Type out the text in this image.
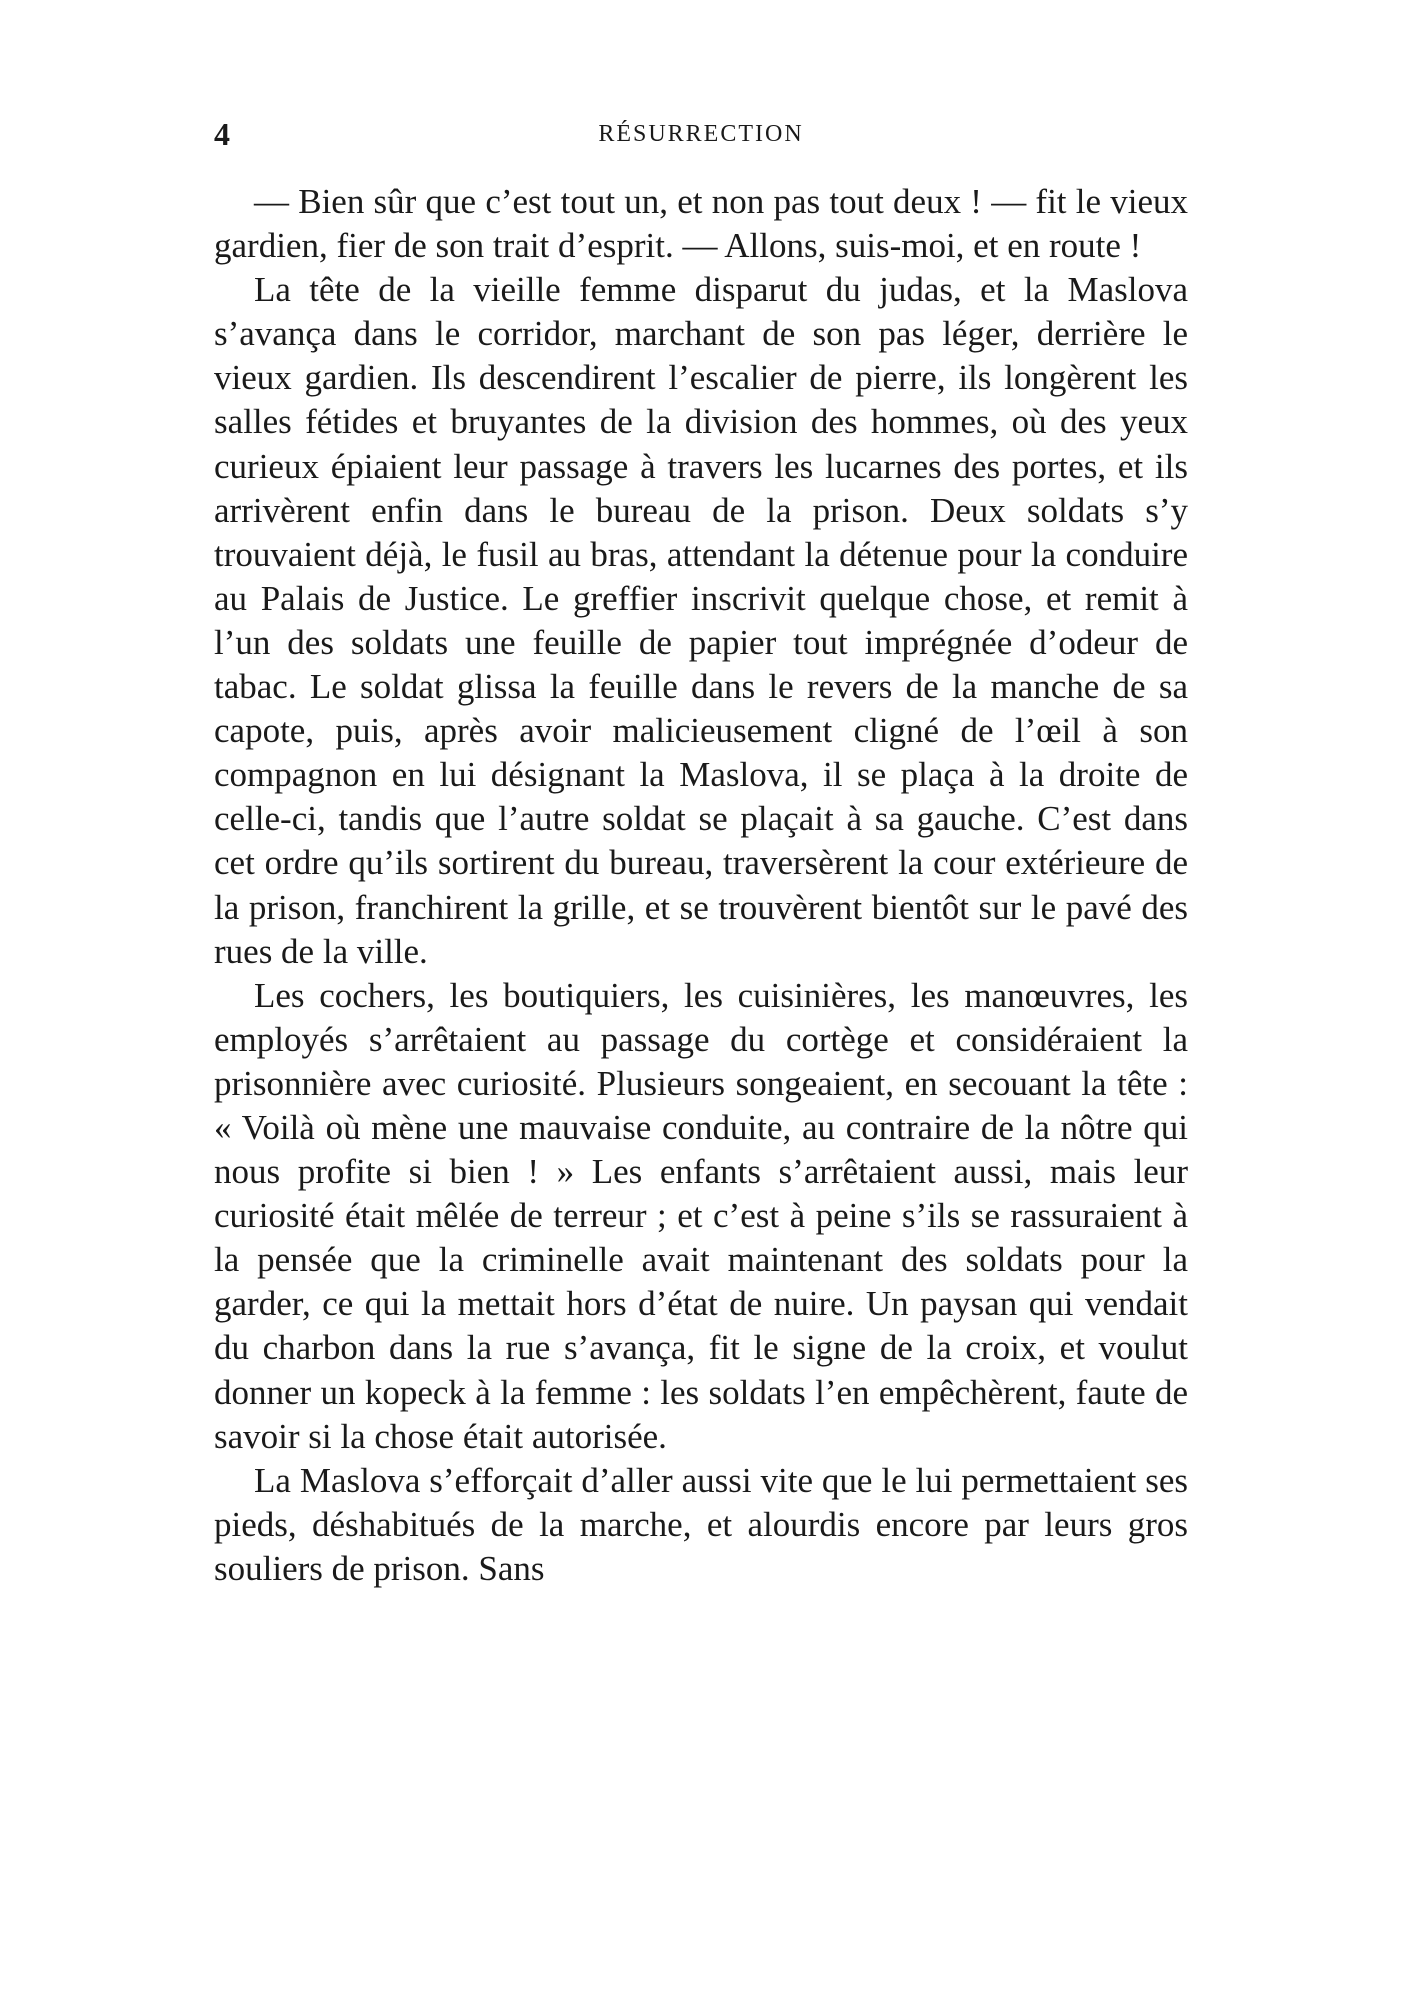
4	RÉSURRECTION

— Bien sûr que c’est tout un, et non pas tout deux ! — fit le vieux gardien, fier de son trait d’esprit. — Allons, suis-moi, et en route !

La tête de la vieille femme disparut du judas, et la Maslova s’avança dans le corridor, marchant de son pas léger, derrière le vieux gardien. Ils descendirent l’escalier de pierre, ils longèrent les salles fétides et bruyantes de la division des hommes, où des yeux curieux épiaient leur passage à travers les lucarnes des portes, et ils arrivèrent enfin dans le bureau de la prison. Deux soldats s’y trouvaient déjà, le fusil au bras, attendant la détenue pour la conduire au Palais de Justice. Le greffier inscrivit quelque chose, et remit à l’un des soldats une feuille de papier tout imprégnée d’odeur de tabac. Le soldat glissa la feuille dans le revers de la manche de sa capote, puis, après avoir malicieusement cligné de l’œil à son compagnon en lui désignant la Maslova, il se plaça à la droite de celle-ci, tandis que l’autre soldat se plaçait à sa gauche. C’est dans cet ordre qu’ils sortirent du bureau, traversèrent la cour extérieure de la prison, franchirent la grille, et se trouvèrent bientôt sur le pavé des rues de la ville.

Les cochers, les boutiquiers, les cuisinières, les manœuvres, les employés s’arrêtaient au passage du cortège et considéraient la prisonnière avec curiosité. Plusieurs songeaient, en secouant la tête : « Voilà où mène une mauvaise conduite, au contraire de la nôtre qui nous profite si bien ! » Les enfants s’arrêtaient aussi, mais leur curiosité était mêlée de terreur ; et c’est à peine s’ils se rassuraient à la pensée que la criminelle avait maintenant des soldats pour la garder, ce qui la mettait hors d’état de nuire. Un paysan qui vendait du charbon dans la rue s’avança, fit le signe de la croix, et voulut donner un kopeck à la femme : les soldats l’en empêchèrent, faute de savoir si la chose était autorisée.

La Maslova s’efforçait d’aller aussi vite que le lui permettaient ses pieds, déshabitués de la marche, et alourdis encore par leurs gros souliers de prison. Sans
